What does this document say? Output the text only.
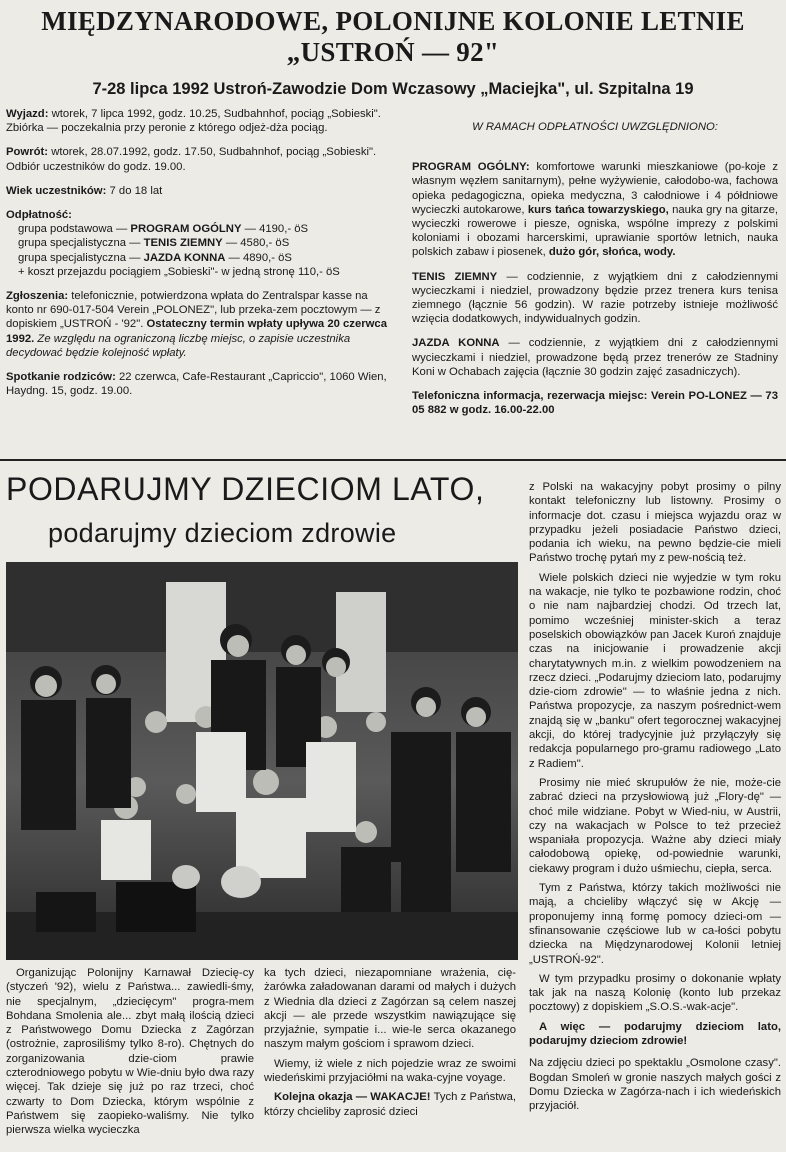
MIĘDZYNARODOWE, POLONIJNE KOLONIE LETNIE
„USTROŃ — 92"
7-28 lipca 1992 Ustroń-Zawodzie Dom Wczasowy „Maciejka", ul. Szpitalna 19

Wyjazd: wtorek, 7 lipca 1992, godz. 10.25, Sudbahnhof, pociąg „Sobieski". Zbiórka — poczekalnia przy peronie z którego odjeż-dża pociąg.

Powrót: wtorek, 28.07.1992, godz. 17.50, Sudbahnhof, pociąg „Sobieski". Odbiór uczestników do godz. 19.00.

Wiek uczestników: 7 do 18 lat

Odpłatność:

grupa podstawowa — PROGRAM OGÓLNY — 4190,- öS
grupa specjalistyczna — TENIS ZIEMNY — 4580,- öS
grupa specjalistyczna — JAZDA KONNA — 4890,- öS
+ koszt przejazdu pociągiem „Sobieski"- w jedną stronę 110,- öS

Zgłoszenia: telefonicznie, potwierdzona wpłata do Zentralspar kasse na konto nr 690-017-504 Verein „POLONEZ", lub przeka-zem pocztowym — z dopiskiem „USTROŃ - '92". Ostateczny termin wpłaty upływa 20 czerwca 1992. Ze względu na ograniczoną liczbę miejsc, o zapisie uczestnika decydować będzie kolejność wpłaty.

Spotkanie rodziców: 22 czerwca, Cafe-Restaurant „Capriccio", 1060 Wien, Haydng. 15, godz. 19.00.

W RAMACH ODPŁATNOŚCI UWZGLĘDNIONO:

PROGRAM OGÓLNY: komfortowe warunki mieszkaniowe (po-koje z własnym węzłem sanitarnym), pełne wyżywienie, całodobo-wa, fachowa opieka pedagogiczna, opieka medyczna, 3 całodniowe i 4 półdniowe wycieczki autokarowe, kurs tańca towarzyskiego, nauka gry na gitarze, wycieczki rowerowe i piesze, ogniska, wspólne imprezy z polskimi koloniami i obozami harcerskimi, uprawianie sportów letnich, nauka polskich zabaw i piosenek, dużo gór, słońca, wody.

TENIS ZIEMNY — codziennie, z wyjątkiem dni z całodziennymi wycieczkami i niedziel, prowadzony będzie przez trenera kurs tenisa ziemnego (łącznie 56 godzin). W razie potrzeby istnieje możliwość wzięcia dodatkowych, indywidualnych godzin.

JAZDA KONNA — codziennie, z wyjątkiem dni z całodziennymi wycieczkami i niedziel, prowadzone będą przez trenerów ze Stadniny Koni w Ochabach zajęcia (łącznie 30 godzin zajęć zasadniczych).

Telefoniczna informacja, rezerwacja miejsc: Verein PO-LONEZ — 73 05 882 w godz. 16.00-22.00

PODARUJMY DZIECIOM LATO,
podarujmy dzieciom zdrowie

Organizując Polonijny Karnawał Dziecię-cy (styczeń '92), wielu z Państwa... zawiedli-śmy, nie specjalnym, „dziecięcym" progra-mem Bohdana Smolenia ale... zbyt małą ilością dzieci z Państwowego Domu Dziecka z Zagórzan (ostrożnie, zaprosiliśmy tylko 8-ro). Chętnych do zorganizowania dzie-ciom prawie czterodniowego pobytu w Wie-dniu było dwa razy więcej. Tak dzieje się już po raz trzeci, choć czwarty to Dom Dziecka, którym wspólnie z Państwem się zaopieko-waliśmy. Nie tylko pierwsza wielka wycieczka

ka tych dzieci, niezapomniane wrażenia, cię-żarówka załadowanan darami od małych i dużych z Wiednia dla dzieci z Zagórzan są celem naszej akcji — ale przede wszystkim nawiązujące się przyjaźnie, sympatie i... wie-le serca okazanego naszym małym gościom i sprawom dzieci.

Wiemy, iż wiele z nich pojedzie wraz ze swoimi wiedeńskimi przyjaciółmi na waka-cyjne voyage.

Kolejna okazja — WAKACJE! Tych z Państwa, którzy chcieliby zaprosić dzieci

z Polski na wakacyjny pobyt prosimy o pilny kontakt telefoniczny lub listowny. Prosimy o informacje dot. czasu i miejsca wyjazdu oraz w przypadku jeżeli posiadacie Państwo dzieci, podania ich wieku, na pewno będzie-cie mieli Państwo trochę pytań my z pew-nością też.

Wiele polskich dzieci nie wyjedzie w tym roku na wakacje, nie tylko te pozbawione rodzin, choć o nie nam najbardziej chodzi. Od trzech lat, pomimo wcześniej minister-skich a teraz poselskich obowiązków pan Jacek Kuroń znajduje czas na inicjowanie i prowadzenie akcji charytatywnych m.in. z wielkim powodzeniem na rzecz dzieci. „Podarujmy dzieciom lato, podarujmy dzie-ciom zdrowie" — to właśnie jedna z nich. Państwa propozycje, za naszym pośrednict-wem znajdą się w „banku" ofert tegorocznej wakacyjnej akcji, do której tradycyjnie już przyłączyły się redakcja popularnego pro-gramu radiowego „Lato z Radiem".

Prosimy nie mieć skrupułów że nie, może-cie zabrać dzieci na przysłowiową już „Flory-dę" — choć mile widziane. Pobyt w Wied-niu, w Austrii, czy na wakacjach w Polsce to też przecież wspaniała propozycja. Ważne aby dzieci miały całodobową opiekę, od-powiednie warunki, ciekawy program i dużo uśmiechu, ciepła, serca.

Tym z Państwa, którzy takich możliwości nie mają, a chcieliby włączyć się w Akcję — proponujemy inną formę pomocy dzieci-om — sfinansowanie częściowe lub w ca-łości pobytu dziecka na Międzynarodowej Kolonii letniej „USTROŃ-92".

W tym przypadku prosimy o dokonanie wpłaty tak jak na naszą Kolonię (konto lub przekaz pocztowy) z dopiskiem „S.O.S.-wak-acje".

A więc — podarujmy dzieciom lato, podarujmy dzieciom zdrowie!

Na zdjęciu dzieci po spektaklu „Osmolone czasy". Bogdan Smoleń w gronie naszych małych gości z Domu Dziecka w Zagórza-nach i ich wiedeńskich przyjaciół.
